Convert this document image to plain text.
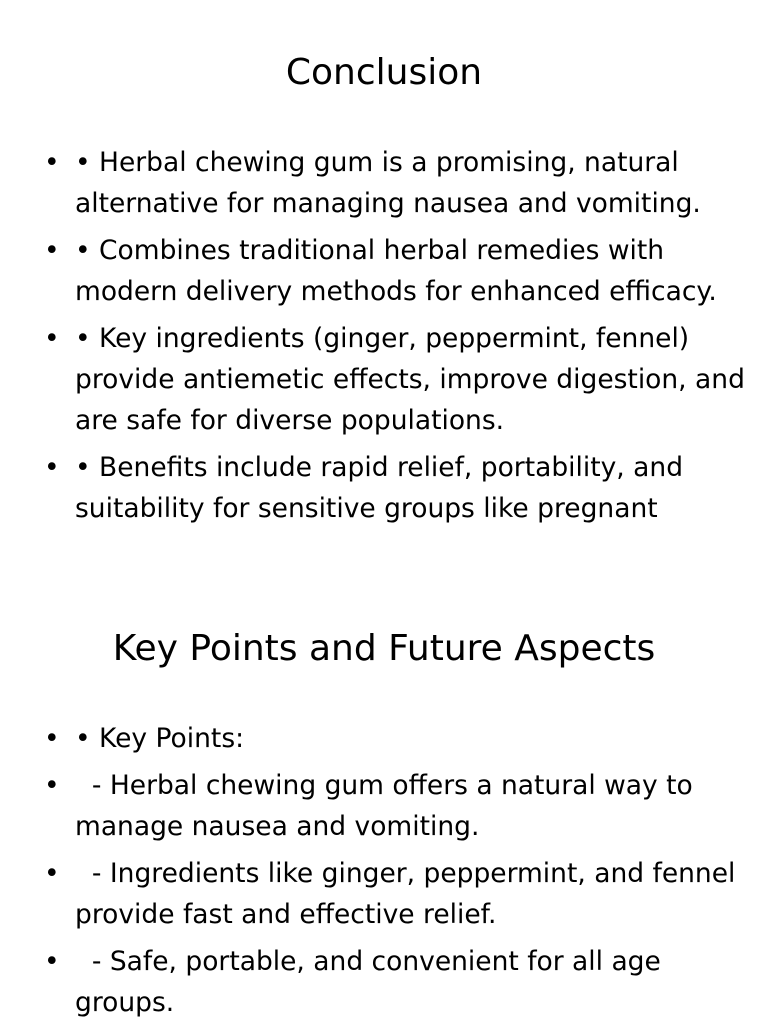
Conclusion
• • Herbal chewing gum is a promising, natural alternative for managing nausea and vomiting.
• • Combines traditional herbal remedies with modern delivery methods for enhanced efficacy.
• • Key ingredients (ginger, peppermint, fennel) provide antiemetic effects, improve digestion, and are safe for diverse populations.
• • Benefits include rapid relief, portability, and suitability for sensitive groups like pregnant
Key Points and Future Aspects
• • Key Points:
• - Herbal chewing gum offers a natural way to manage nausea and vomiting.
• - Ingredients like ginger, peppermint, and fennel provide fast and effective relief.
• - Safe, portable, and convenient for all age groups.
